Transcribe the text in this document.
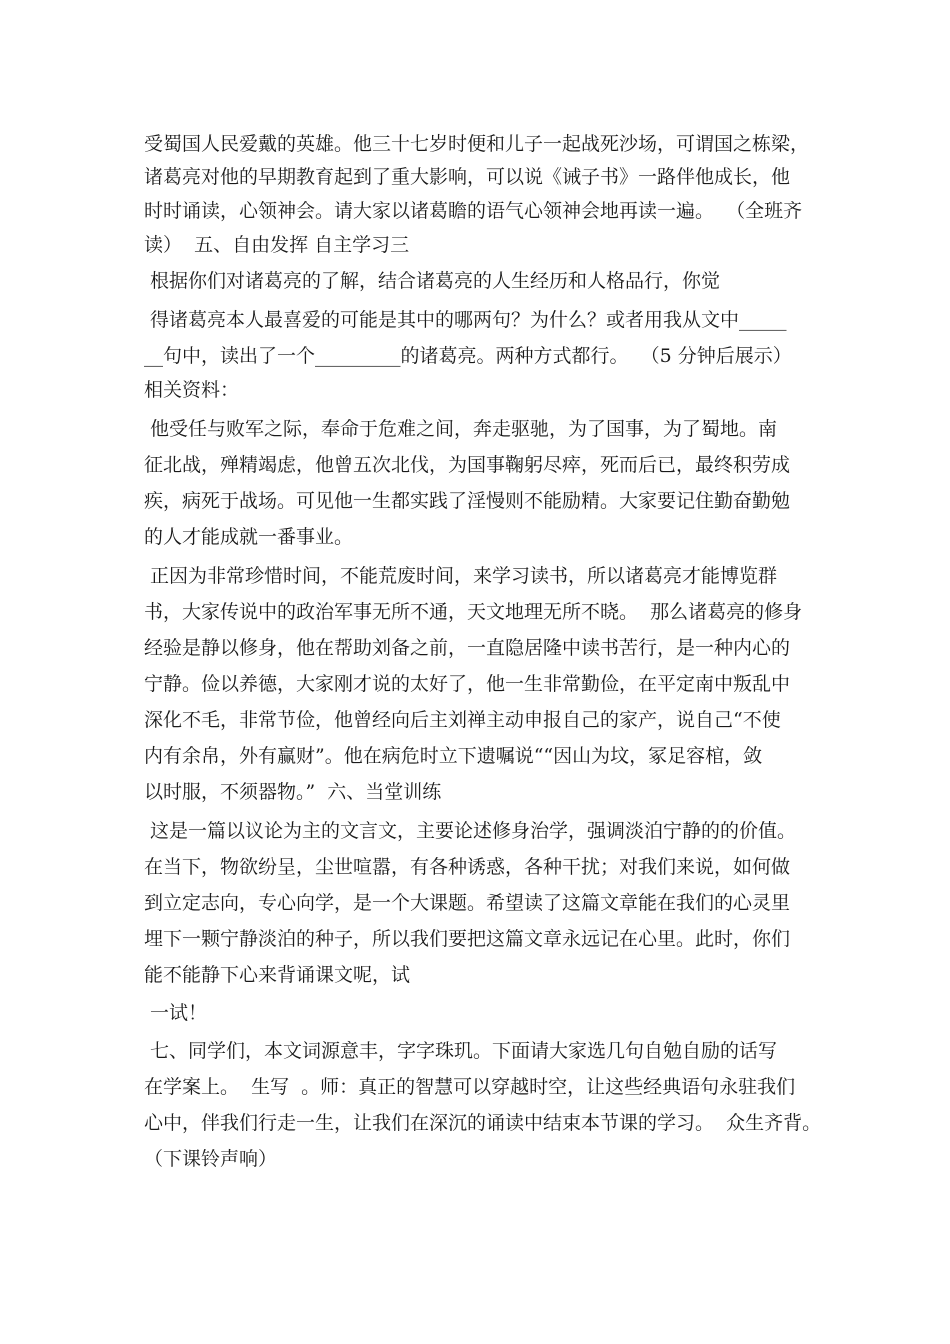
受蜀国人民爱戴的英雄。他三十七岁时便和儿子一起战死沙场，可谓国之栋梁，
诸葛亮对他的早期教育起到了重大影响，可以说《诫子书》一路伴他成长，他
时时诵读，心领神会。请大家以诸葛瞻的语气心领神会地再读一遍。  （全班齐
读）  五、自由发挥 自主学习三
根据你们对诸葛亮的了解，结合诸葛亮的人生经历和人格品行，你觉
得诸葛亮本人最喜爱的可能是其中的哪两句？为什么？或者用我从文中_____
__句中，读出了一个_________的诸葛亮。两种方式都行。  （5 分钟后展示）
相关资料：
他受任与败军之际，奉命于危难之间，奔走驱驰，为了国事，为了蜀地。南
征北战，殚精竭虑，他曾五次北伐，为国事鞠躬尽瘁，死而后已，最终积劳成
疾，病死于战场。可见他一生都实践了淫慢则不能励精。大家要记住勤奋勤勉
的人才能成就一番事业。
正因为非常珍惜时间，不能荒废时间，来学习读书，所以诸葛亮才能博览群
书，大家传说中的政治军事无所不通，天文地理无所不晓。  那么诸葛亮的修身
经验是静以修身，他在帮助刘备之前，一直隐居隆中读书苦行，是一种内心的
宁静。俭以养德，大家刚才说的太好了，他一生非常勤俭，在平定南中叛乱中
深化不毛，非常节俭，他曾经向后主刘禅主动申报自己的家产，说自己“不使
内有余帛，外有赢财”。他在病危时立下遗嘱说““因山为坟，冢足容棺，敛
以时服，不须器物。”  六、当堂训练
这是一篇以议论为主的文言文，主要论述修身治学，强调淡泊宁静的的价值。
在当下，物欲纷呈，尘世喧嚣，有各种诱惑，各种干扰；对我们来说，如何做
到立定志向，专心向学，是一个大课题。希望读了这篇文章能在我们的心灵里
埋下一颗宁静淡泊的种子，所以我们要把这篇文章永远记在心里。此时，你们
能不能静下心来背诵课文呢，试
一试！
七、同学们，本文词源意丰，字字珠玑。下面请大家选几句自勉自励的话写
在学案上。  生写  。师：真正的智慧可以穿越时空，让这些经典语句永驻我们
心中，伴我们行走一生，让我们在深沉的诵读中结束本节课的学习。  众生齐背。
（下课铃声响）
